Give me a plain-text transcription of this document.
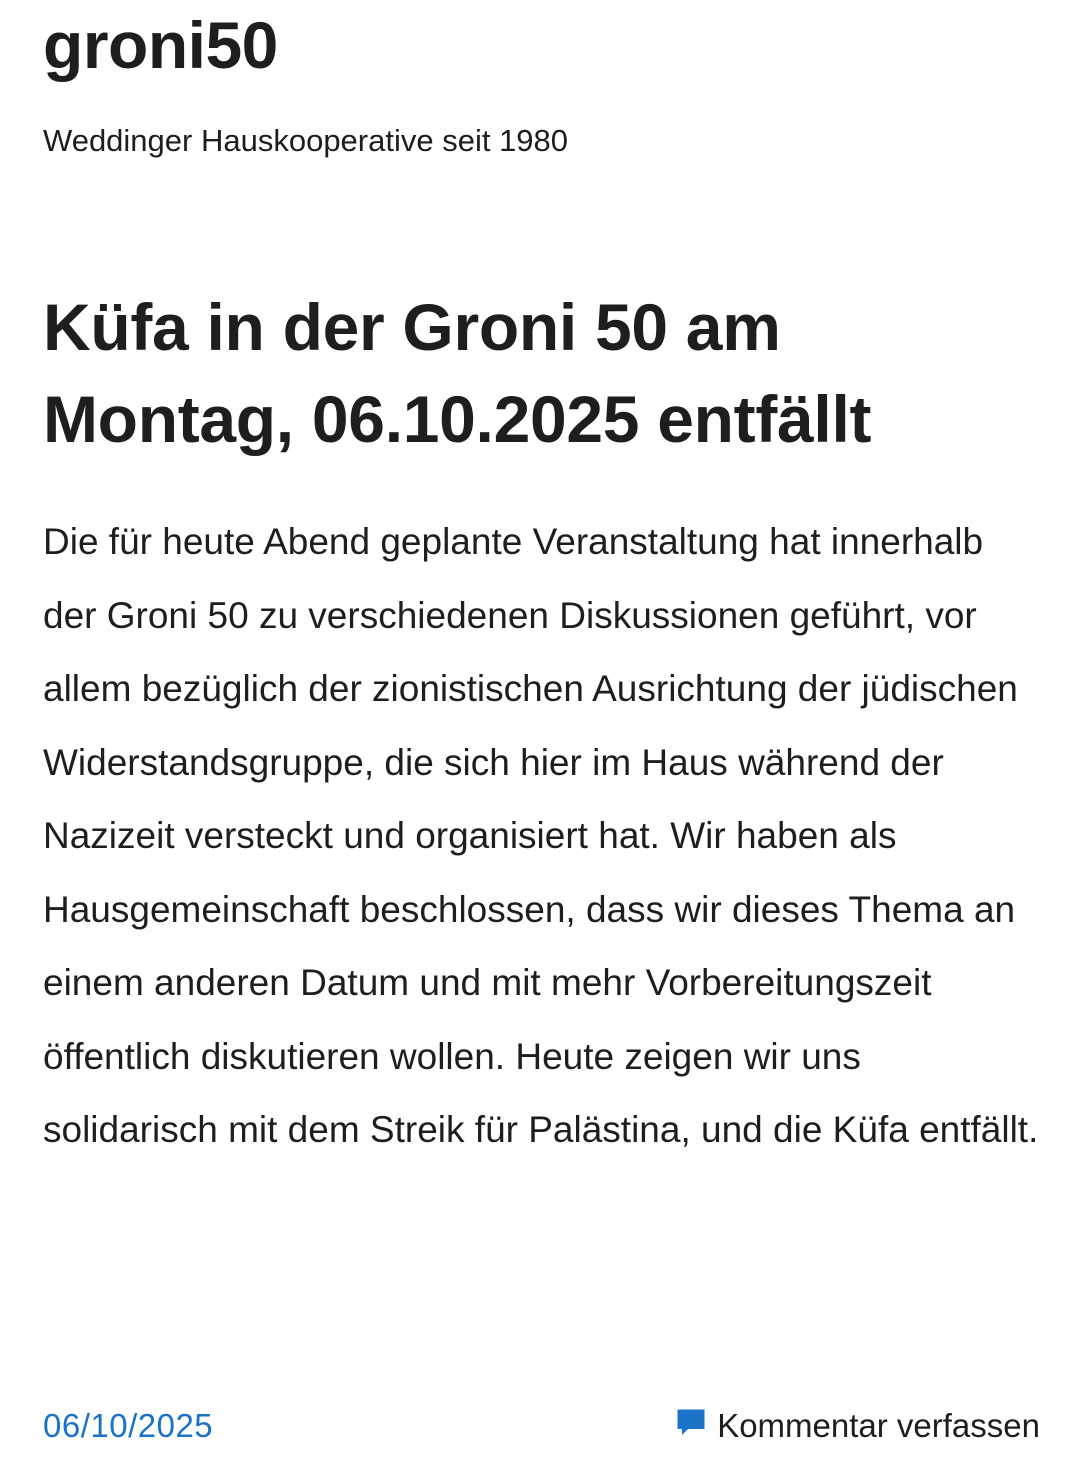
groni50

Weddinger Hauskooperative seit 1980

Küfa in der Groni 50 am Montag, 06.10.2025 entfällt

Die für heute Abend geplante Veranstaltung hat innerhalb der Groni 50 zu verschiedenen Diskussionen geführt, vor allem bezüglich der zionistischen Ausrichtung der jüdischen Widerstandsgruppe, die sich hier im Haus während der Nazizeit versteckt und organisiert hat. Wir haben als Hausgemeinschaft beschlossen, dass wir dieses Thema an einem anderen Datum und mit mehr Vorbereitungszeit öffentlich diskutieren wollen. Heute zeigen wir uns solidarisch mit dem Streik für Palästina, und die Küfa entfällt.

06/10/2025	Kommentar verfassen
